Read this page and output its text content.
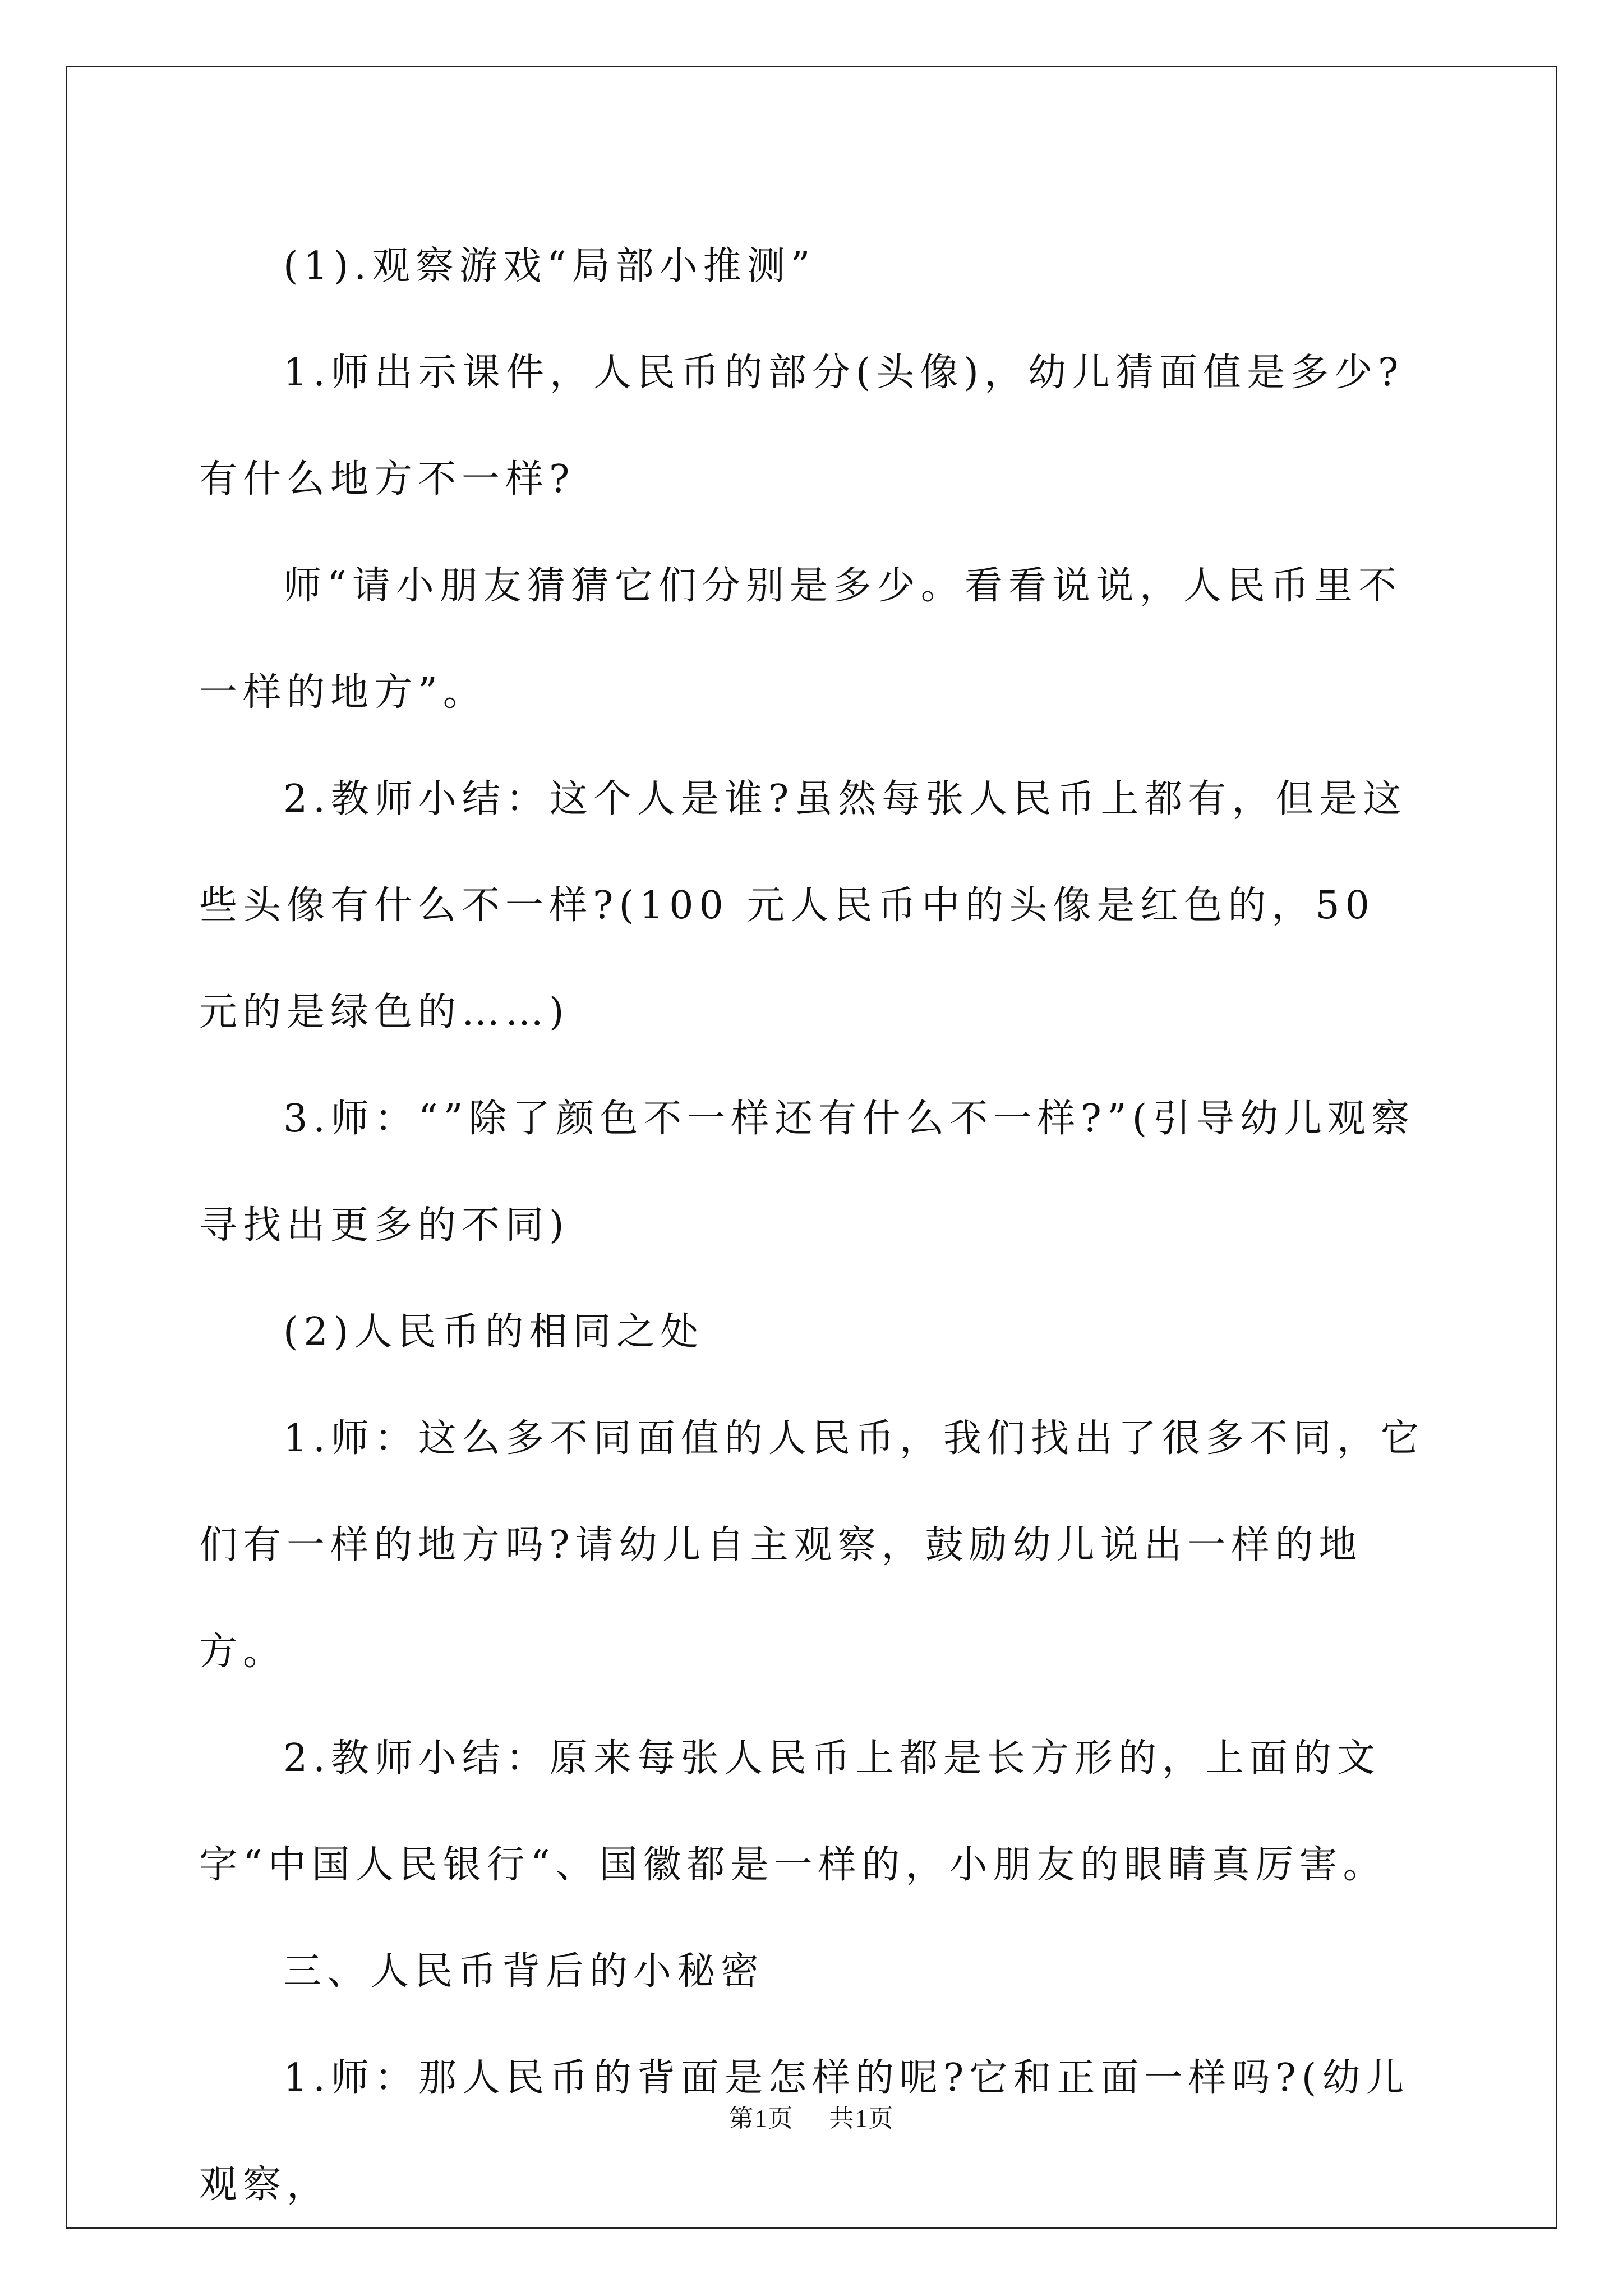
(1).观察游戏“局部小推测”

1.师出示课件，人民币的部分(头像)，幼儿猜面值是多少?有什么地方不一样?

师“请小朋友猜猜它们分别是多少。看看说说，人民币里不一样的地方”。

2.教师小结：这个人是谁?虽然每张人民币上都有，但是这些头像有什么不一样?(100 元人民币中的头像是红色的，50 元的是绿色的……)

3.师：“”除了颜色不一样还有什么不一样?”(引导幼儿观察寻找出更多的不同)

(2)人民币的相同之处

1.师：这么多不同面值的人民币，我们找出了很多不同，它们有一样的地方吗?请幼儿自主观察，鼓励幼儿说出一样的地方。

2.教师小结：原来每张人民币上都是长方形的，上面的文字“中国人民银行“、国徽都是一样的，小朋友的眼睛真厉害。

三、人民币背后的小秘密

1.师：那人民币的背面是怎样的呢?它和正面一样吗?(幼儿观察，

第1页 共1页
